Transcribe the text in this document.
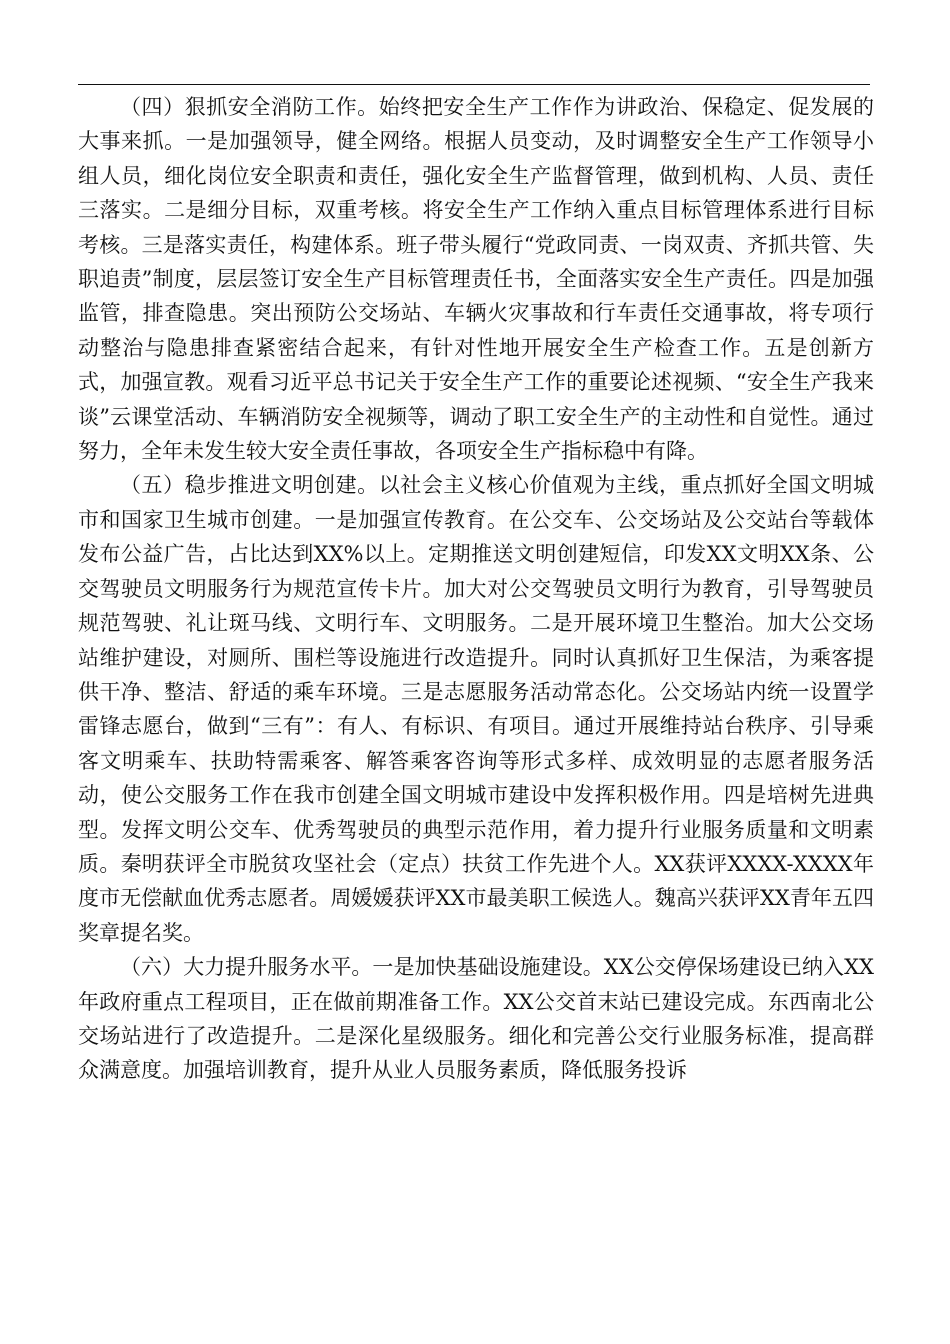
（四）狠抓安全消防工作。始终把安全生产工作作为讲政治、保稳定、促发展的大事来抓。一是加强领导，健全网络。根据人员变动，及时调整安全生产工作领导小组人员，细化岗位安全职责和责任，强化安全生产监督管理，做到机构、人员、责任三落实。二是细分目标，双重考核。将安全生产工作纳入重点目标管理体系进行目标考核。三是落实责任，构建体系。班子带头履行“党政同责、一岗双责、齐抓共管、失职追责”制度，层层签订安全生产目标管理责任书，全面落实安全生产责任。四是加强监管，排查隐患。突出预防公交场站、车辆火灾事故和行车责任交通事故，将专项行动整治与隐患排查紧密结合起来，有针对性地开展安全生产检查工作。五是创新方式，加强宣教。观看习近平总书记关于安全生产工作的重要论述视频、“安全生产我来谈”云课堂活动、车辆消防安全视频等，调动了职工安全生产的主动性和自觉性。通过努力，全年未发生较大安全责任事故，各项安全生产指标稳中有降。

（五）稳步推进文明创建。以社会主义核心价值观为主线，重点抓好全国文明城市和国家卫生城市创建。一是加强宣传教育。在公交车、公交场站及公交站台等载体发布公益广告，占比达到XX%以上。定期推送文明创建短信，印发XX文明XX条、公交驾驶员文明服务行为规范宣传卡片。加大对公交驾驶员文明行为教育，引导驾驶员规范驾驶、礼让斑马线、文明行车、文明服务。二是开展环境卫生整治。加大公交场站维护建设，对厕所、围栏等设施进行改造提升。同时认真抓好卫生保洁，为乘客提供干净、整洁、舒适的乘车环境。三是志愿服务活动常态化。公交场站内统一设置学雷锋志愿台，做到“三有”：有人、有标识、有项目。通过开展维持站台秩序、引导乘客文明乘车、扶助特需乘客、解答乘客咨询等形式多样、成效明显的志愿者服务活动，使公交服务工作在我市创建全国文明城市建设中发挥积极作用。四是培树先进典型。发挥文明公交车、优秀驾驶员的典型示范作用，着力提升行业服务质量和文明素质。秦明获评全市脱贫攻坚社会（定点）扶贫工作先进个人。XX获评XXXX-XXXX年度市无偿献血优秀志愿者。周媛媛获评XX市最美职工候选人。魏高兴获评XX青年五四奖章提名奖。

（六）大力提升服务水平。一是加快基础设施建设。XX公交停保场建设已纳入XX年政府重点工程项目，正在做前期准备工作。XX公交首末站已建设完成。东西南北公交场站进行了改造提升。二是深化星级服务。细化和完善公交行业服务标准，提高群众满意度。加强培训教育，提升从业人员服务素质，降低服务投诉
